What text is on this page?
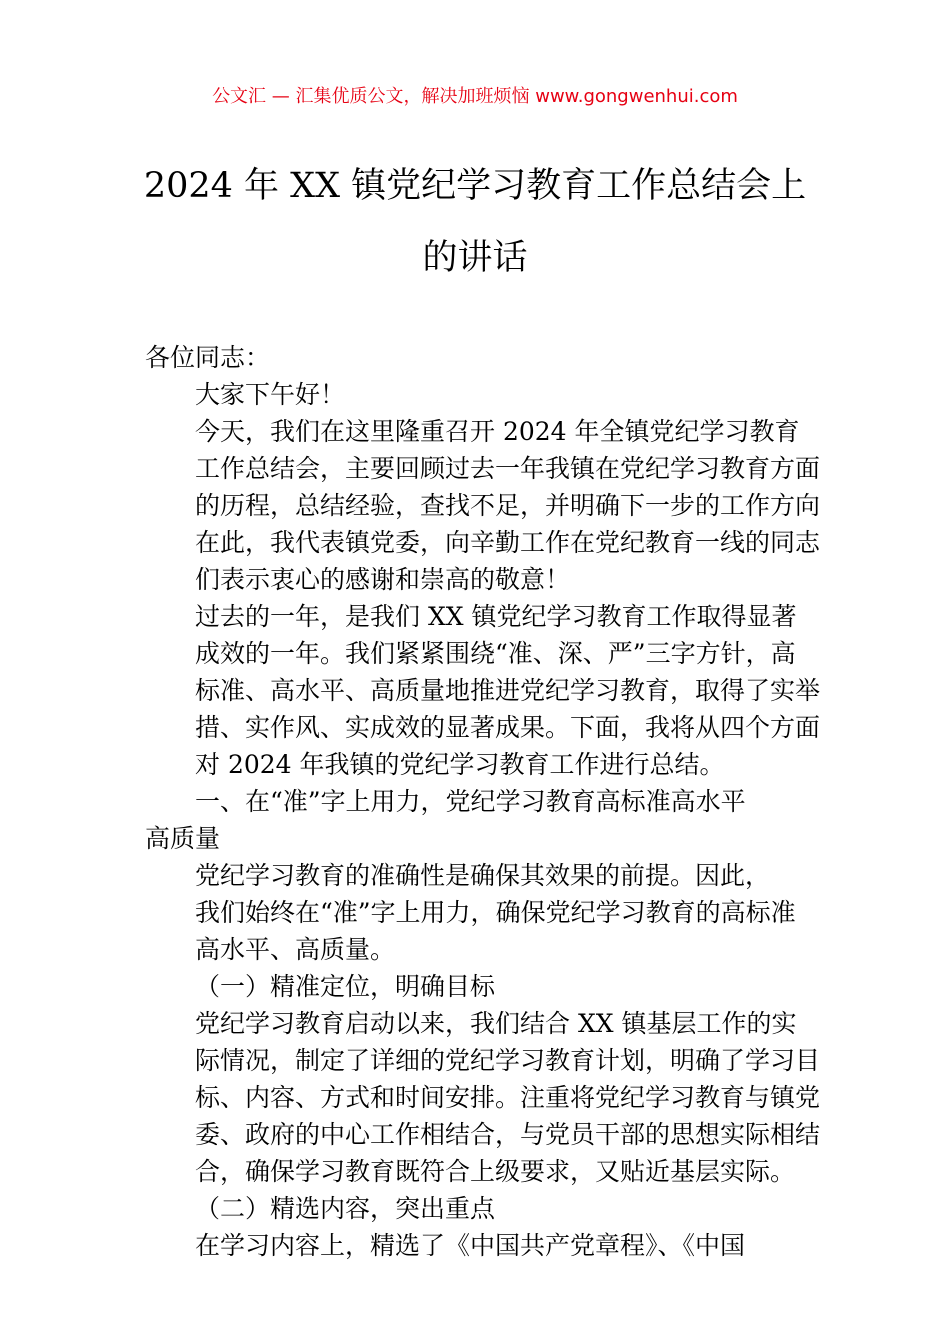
公文汇 — 汇集优质公文，解决加班烦恼 www.gongwenhui.com
2024 年 XX 镇党纪学习教育工作总结会上
的讲话

各位同志：

大家下午好！

今天，我们在这里隆重召开 2024 年全镇党纪学习教育
工作总结会，主要回顾过去一年我镇在党纪学习教育方面
的历程，总结经验，查找不足，并明确下一步的工作方向
在此，我代表镇党委，向辛勤工作在党纪教育一线的同志
们表示衷心的感谢和崇高的敬意！

过去的一年，是我们 XX 镇党纪学习教育工作取得显著
成效的一年。我们紧紧围绕“准、深、严”三字方针，高
标准、高水平、高质量地推进党纪学习教育，取得了实举
措、实作风、实成效的显著成果。下面，我将从四个方面
对 2024 年我镇的党纪学习教育工作进行总结。

一、在“准”字上用力，党纪学习教育高标准高水平
高质量

党纪学习教育的准确性是确保其效果的前提。因此，
我们始终在“准”字上用力，确保党纪学习教育的高标准
高水平、高质量。

（一）精准定位，明确目标

党纪学习教育启动以来，我们结合 XX 镇基层工作的实
际情况，制定了详细的党纪学习教育计划，明确了学习目
标、内容、方式和时间安排。注重将党纪学习教育与镇党
委、政府的中心工作相结合，与党员干部的思想实际相结
合，确保学习教育既符合上级要求，又贴近基层实际。

（二）精选内容，突出重点

在学习内容上，精选了《中国共产党章程》、《中国
